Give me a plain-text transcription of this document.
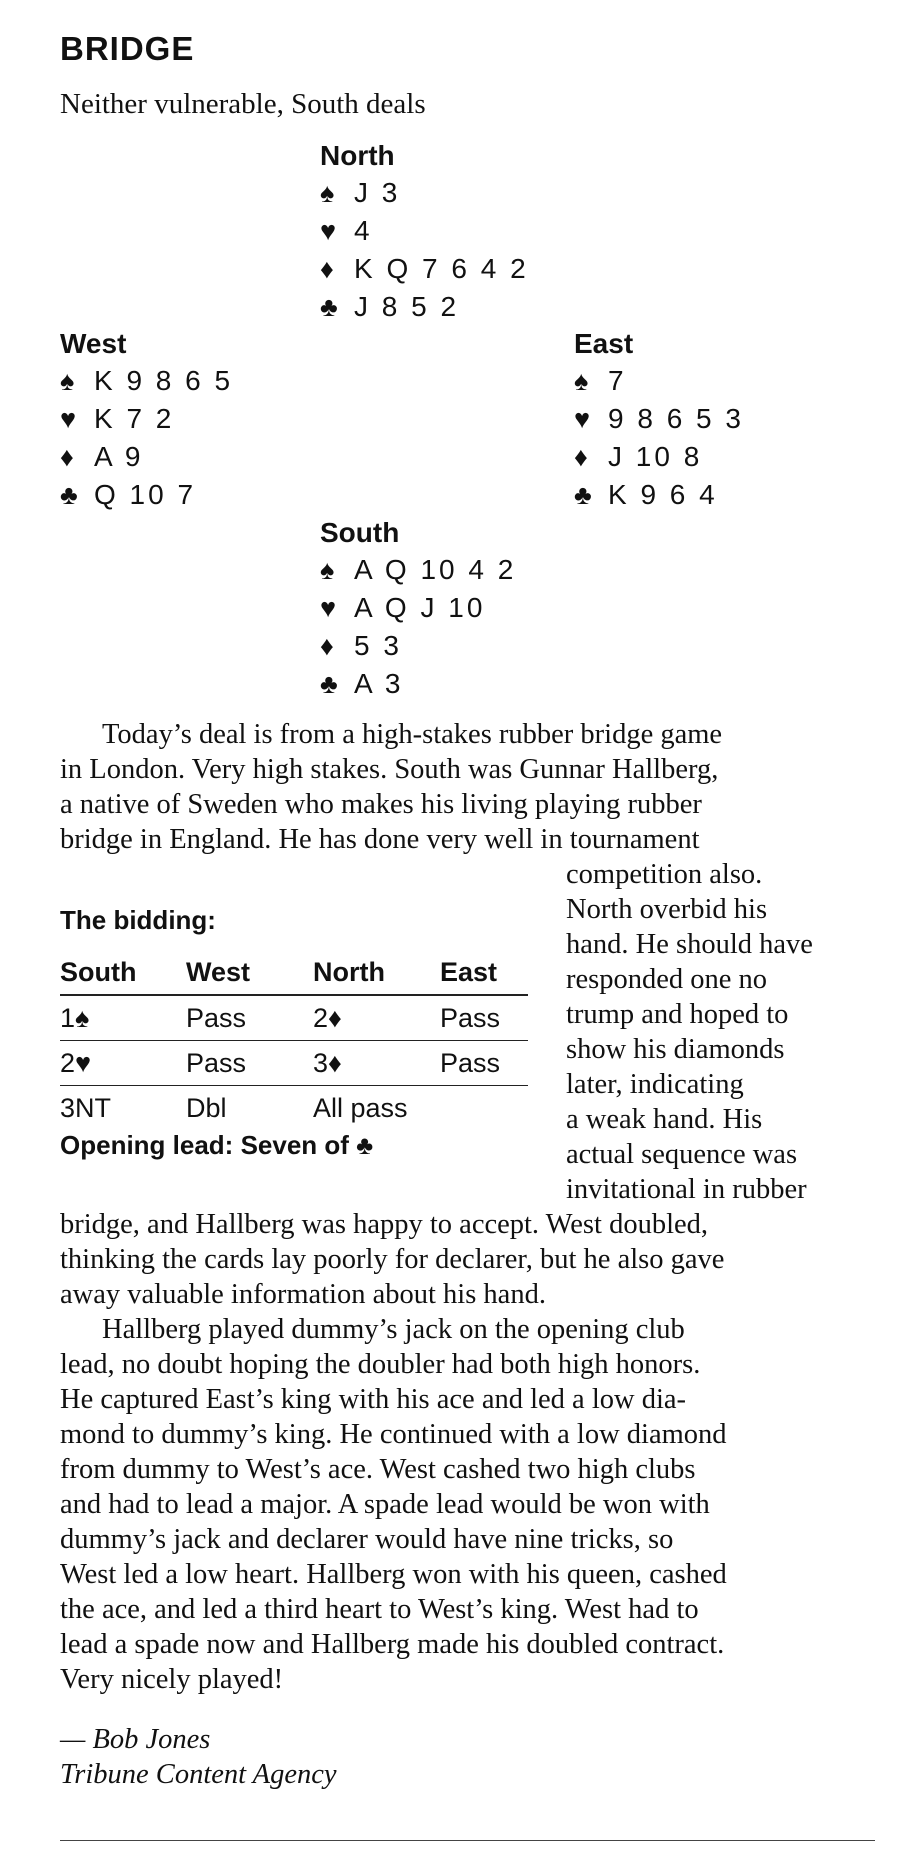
BRIDGE
Neither vulnerable, South deals
North
♠ J 3
♥ 4
♦ K Q 7 6 4 2
♣ J 8 5 2
West
♠ K 9 8 6 5
♥ K 7 2
♦ A 9
♣ Q 10 7
East
♠ 7
♥ 9 8 6 5 3
♦ J 10 8
♣ K 9 6 4
South
♠ A Q 10 4 2
♥ A Q J 10
♦ 5 3
♣ A 3
Today’s deal is from a high-stakes rubber bridge game
in London. Very high stakes. South was Gunnar Hallberg,
a native of Sweden who makes his living playing rubber
bridge in England. He has done very well in tournament
competition also.
North overbid his
hand. He should have
responded one no
trump and hoped to
show his diamonds
later, indicating
a weak hand. His
actual sequence was
invitational in rubber
The bidding:
South	West	North	East
1♠	Pass	2♦	Pass
2♥	Pass	3♦	Pass
3NT	Dbl	All pass	
Opening lead: Seven of ♣
bridge, and Hallberg was happy to accept. West doubled,
thinking the cards lay poorly for declarer, but he also gave
away valuable information about his hand.
Hallberg played dummy’s jack on the opening club
lead, no doubt hoping the doubler had both high honors.
He captured East’s king with his ace and led a low dia-
mond to dummy’s king. He continued with a low diamond
from dummy to West’s ace. West cashed two high clubs
and had to lead a major. A spade lead would be won with
dummy’s jack and declarer would have nine tricks, so
West led a low heart. Hallberg won with his queen, cashed
the ace, and led a third heart to West’s king. West had to
lead a spade now and Hallberg made his doubled contract.
Very nicely played!
— Bob Jones
Tribune Content Agency
